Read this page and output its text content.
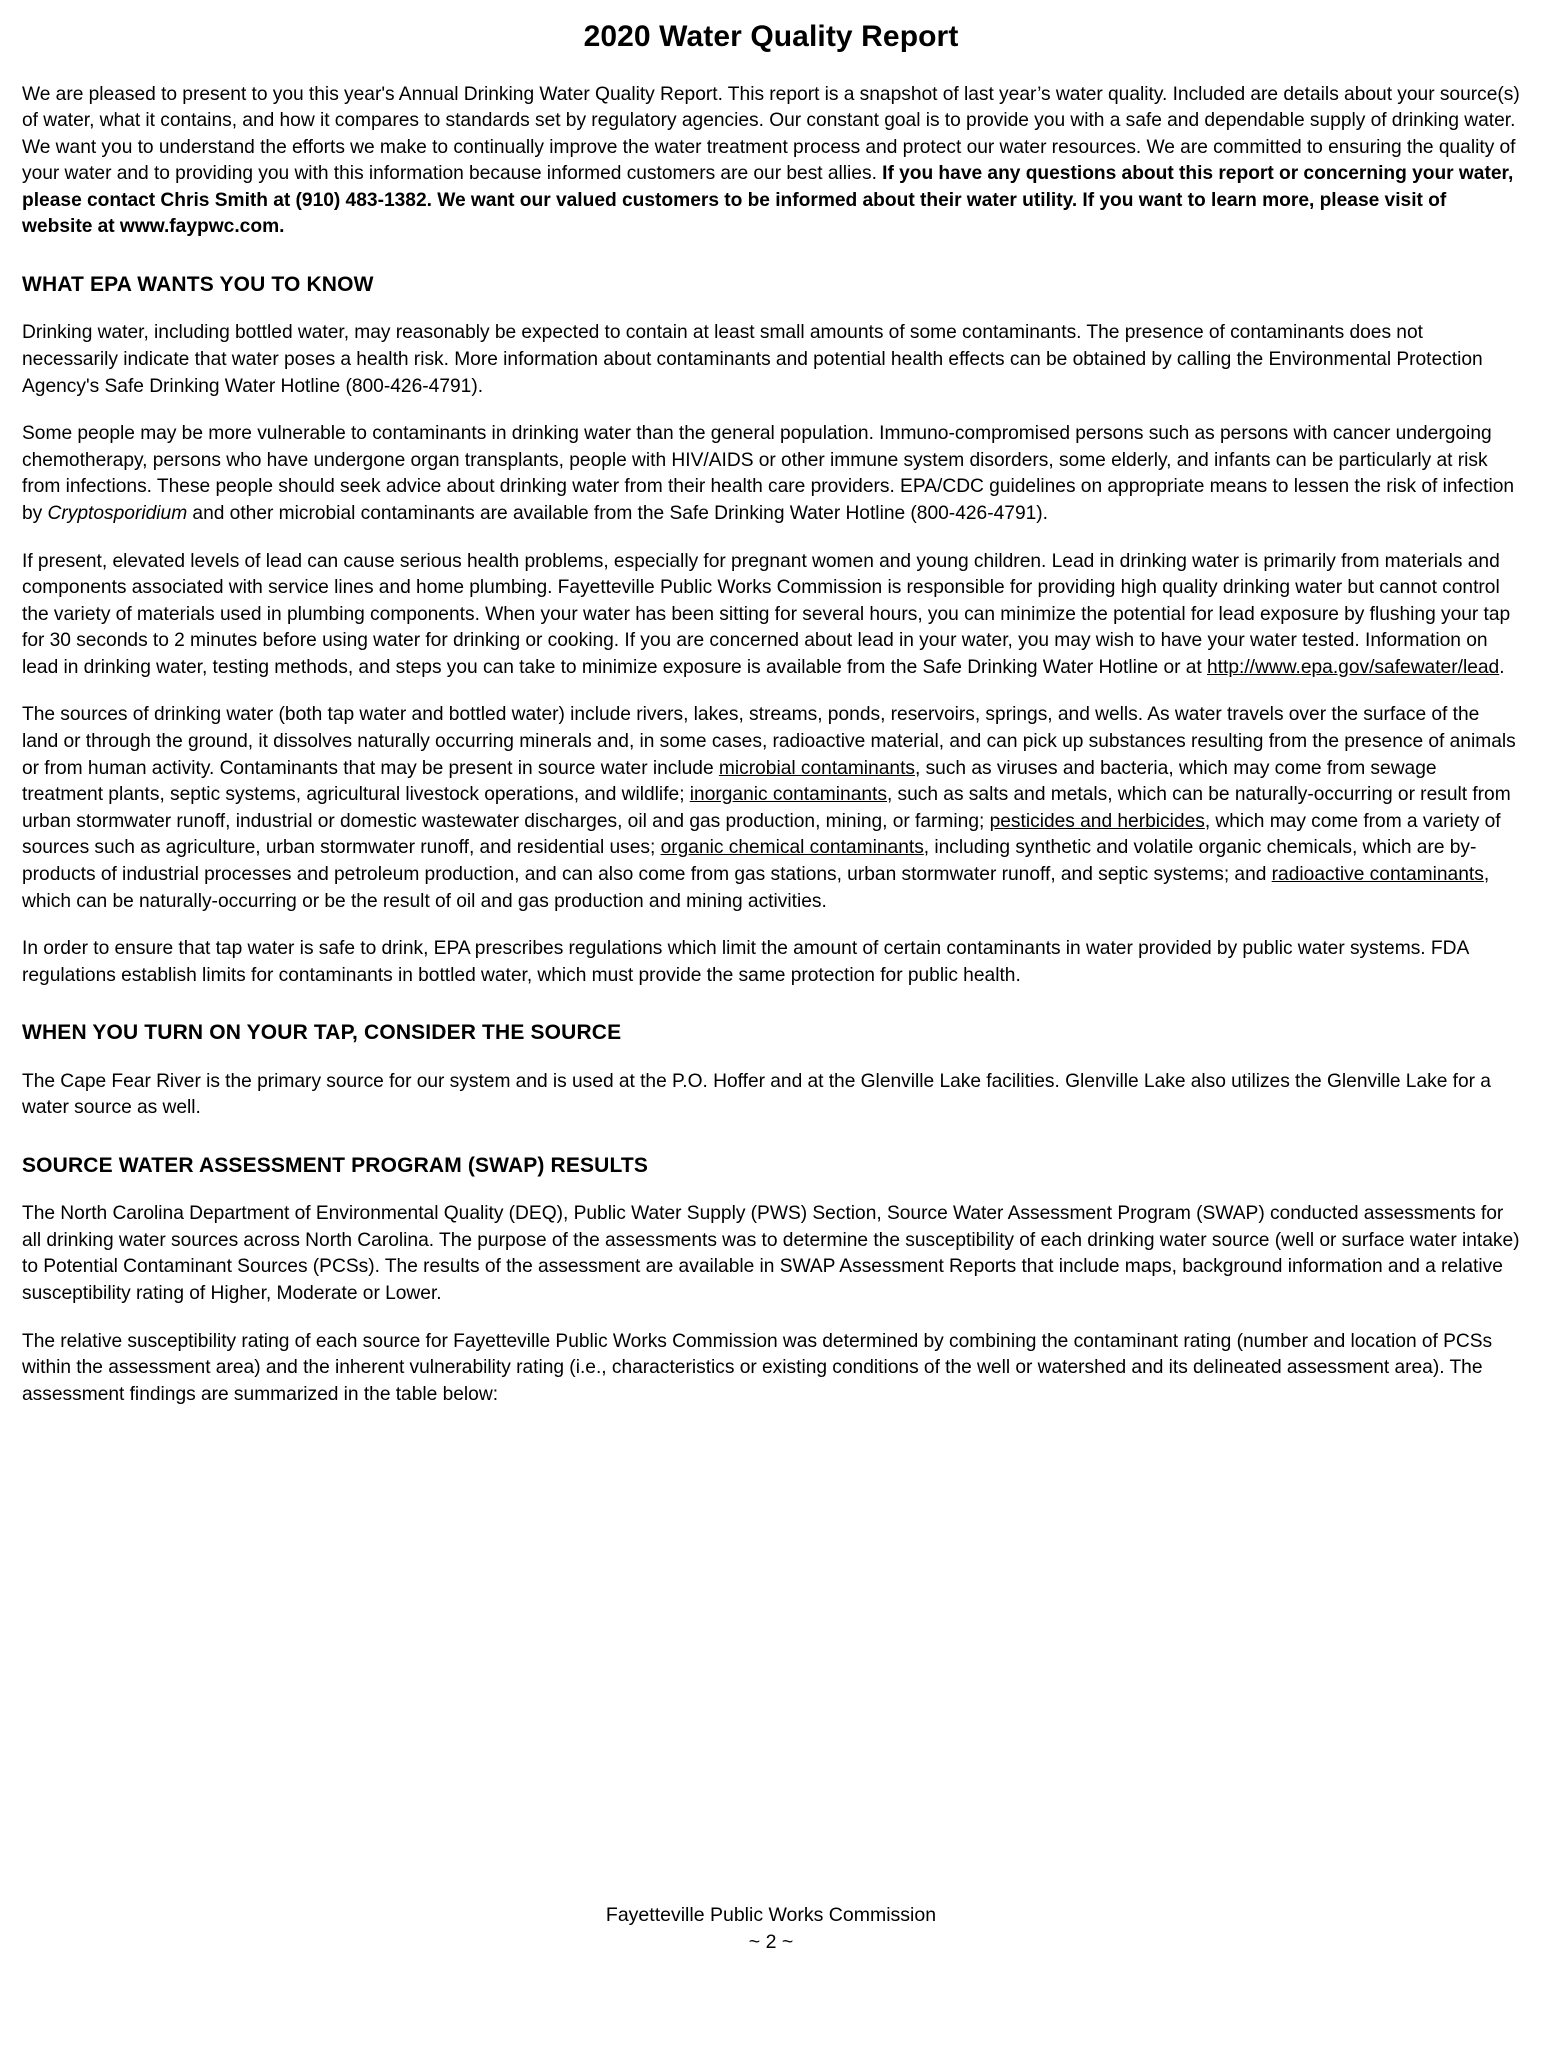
2020 Water Quality Report

We are pleased to present to you this year's Annual Drinking Water Quality Report. This report is a snapshot of last year’s water quality. Included are details about your source(s) of water, what it contains, and how it compares to standards set by regulatory agencies. Our constant goal is to provide you with a safe and dependable supply of drinking water. We want you to understand the efforts we make to continually improve the water treatment process and protect our water resources. We are committed to ensuring the quality of your water and to providing you with this information because informed customers are our best allies. If you have any questions about this report or concerning your water, please contact Chris Smith at (910) 483-1382. We want our valued customers to be informed about their water utility. If you want to learn more, please visit of website at www.faypwc.com.

WHAT EPA WANTS YOU TO KNOW

Drinking water, including bottled water, may reasonably be expected to contain at least small amounts of some contaminants. The presence of contaminants does not necessarily indicate that water poses a health risk. More information about contaminants and potential health effects can be obtained by calling the Environmental Protection Agency's Safe Drinking Water Hotline (800-426-4791).

Some people may be more vulnerable to contaminants in drinking water than the general population. Immuno-compromised persons such as persons with cancer undergoing chemotherapy, persons who have undergone organ transplants, people with HIV/AIDS or other immune system disorders, some elderly, and infants can be particularly at risk from infections. These people should seek advice about drinking water from their health care providers. EPA/CDC guidelines on appropriate means to lessen the risk of infection by Cryptosporidium and other microbial contaminants are available from the Safe Drinking Water Hotline (800-426-4791).

If present, elevated levels of lead can cause serious health problems, especially for pregnant women and young children. Lead in drinking water is primarily from materials and components associated with service lines and home plumbing. Fayetteville Public Works Commission is responsible for providing high quality drinking water but cannot control the variety of materials used in plumbing components. When your water has been sitting for several hours, you can minimize the potential for lead exposure by flushing your tap for 30 seconds to 2 minutes before using water for drinking or cooking. If you are concerned about lead in your water, you may wish to have your water tested. Information on lead in drinking water, testing methods, and steps you can take to minimize exposure is available from the Safe Drinking Water Hotline or at http://www.epa.gov/safewater/lead.

The sources of drinking water (both tap water and bottled water) include rivers, lakes, streams, ponds, reservoirs, springs, and wells. As water travels over the surface of the land or through the ground, it dissolves naturally occurring minerals and, in some cases, radioactive material, and can pick up substances resulting from the presence of animals or from human activity. Contaminants that may be present in source water include microbial contaminants, such as viruses and bacteria, which may come from sewage treatment plants, septic systems, agricultural livestock operations, and wildlife; inorganic contaminants, such as salts and metals, which can be naturally-occurring or result from urban stormwater runoff, industrial or domestic wastewater discharges, oil and gas production, mining, or farming; pesticides and herbicides, which may come from a variety of sources such as agriculture, urban stormwater runoff, and residential uses; organic chemical contaminants, including synthetic and volatile organic chemicals, which are by-products of industrial processes and petroleum production, and can also come from gas stations, urban stormwater runoff, and septic systems; and radioactive contaminants, which can be naturally-occurring or be the result of oil and gas production and mining activities.

In order to ensure that tap water is safe to drink, EPA prescribes regulations which limit the amount of certain contaminants in water provided by public water systems. FDA regulations establish limits for contaminants in bottled water, which must provide the same protection for public health.

WHEN YOU TURN ON YOUR TAP, CONSIDER THE SOURCE

The Cape Fear River is the primary source for our system and is used at the P.O. Hoffer and at the Glenville Lake facilities. Glenville Lake also utilizes the Glenville Lake for a water source as well.

SOURCE WATER ASSESSMENT PROGRAM (SWAP) RESULTS

The North Carolina Department of Environmental Quality (DEQ), Public Water Supply (PWS) Section, Source Water Assessment Program (SWAP) conducted assessments for all drinking water sources across North Carolina. The purpose of the assessments was to determine the susceptibility of each drinking water source (well or surface water intake) to Potential Contaminant Sources (PCSs). The results of the assessment are available in SWAP Assessment Reports that include maps, background information and a relative susceptibility rating of Higher, Moderate or Lower.

The relative susceptibility rating of each source for Fayetteville Public Works Commission was determined by combining the contaminant rating (number and location of PCSs within the assessment area) and the inherent vulnerability rating (i.e., characteristics or existing conditions of the well or watershed and its delineated assessment area). The assessment findings are summarized in the table below:

Fayetteville Public Works Commission
~ 2 ~
